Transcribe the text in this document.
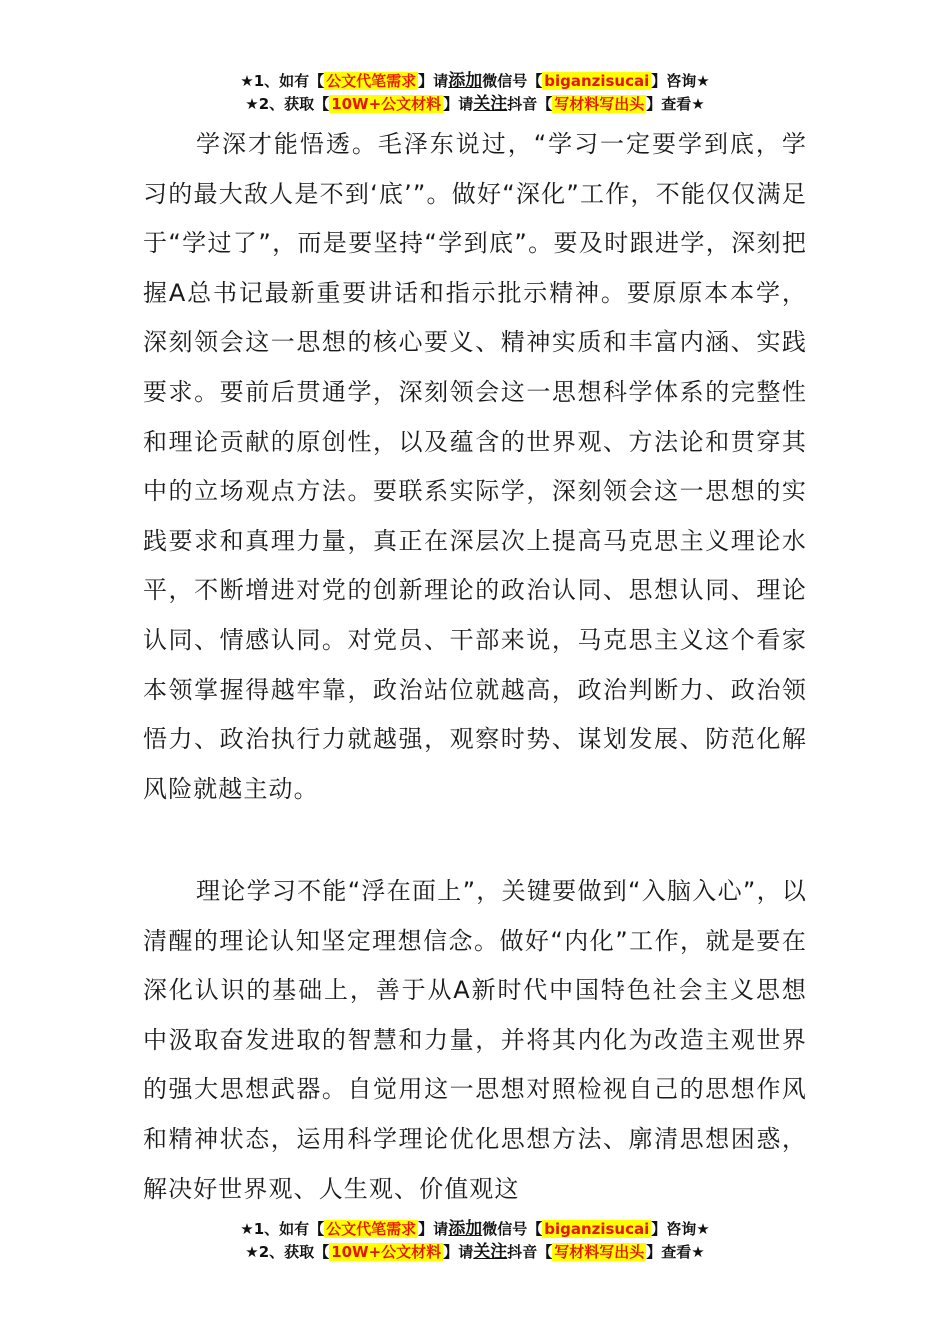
★1、如有【 公文代笔需求 】请添加微信号【 biganzisucai 】咨询★
★2、获取【 10W+公文材料 】请关注抖音【 写材料写出头 】查看★

学深才能悟透。毛泽东说过，“学习一定要学到底，学习的最大敌人是不到‘底’”。做好“深化”工作，不能仅仅满足于“学过了”，而是要坚持“学到底”。要及时跟进学，深刻把握A总书记最新重要讲话和指示批示精神。要原原本本学，深刻领会这一思想的核心要义、精神实质和丰富内涵、实践要求。要前后贯通学，深刻领会这一思想科学体系的完整性和理论贡献的原创性，以及蕴含的世界观、方法论和贯穿其中的立场观点方法。要联系实际学，深刻领会这一思想的实践要求和真理力量，真正在深层次上提高马克思主义理论水平，不断增进对党的创新理论的政治认同、思想认同、理论认同、情感认同。对党员、干部来说，马克思主义这个看家本领掌握得越牢靠，政治站位就越高，政治判断力、政治领悟力、政治执行力就越强，观察时势、谋划发展、防范化解风险就越主动。

理论学习不能“浮在面上”，关键要做到“入脑入心”，以清醒的理论认知坚定理想信念。做好“内化”工作，就是要在深化认识的基础上，善于从A新时代中国特色社会主义思想中汲取奋发进取的智慧和力量，并将其内化为改造主观世界的强大思想武器。自觉用这一思想对照检视自己的思想作风和精神状态，运用科学理论优化思想方法、廓清思想困惑，解决好世界观、人生观、价值观这

★1、如有【 公文代笔需求 】请添加微信号【 biganzisucai 】咨询★
★2、获取【 10W+公文材料 】请关注抖音【 写材料写出头 】查看★
